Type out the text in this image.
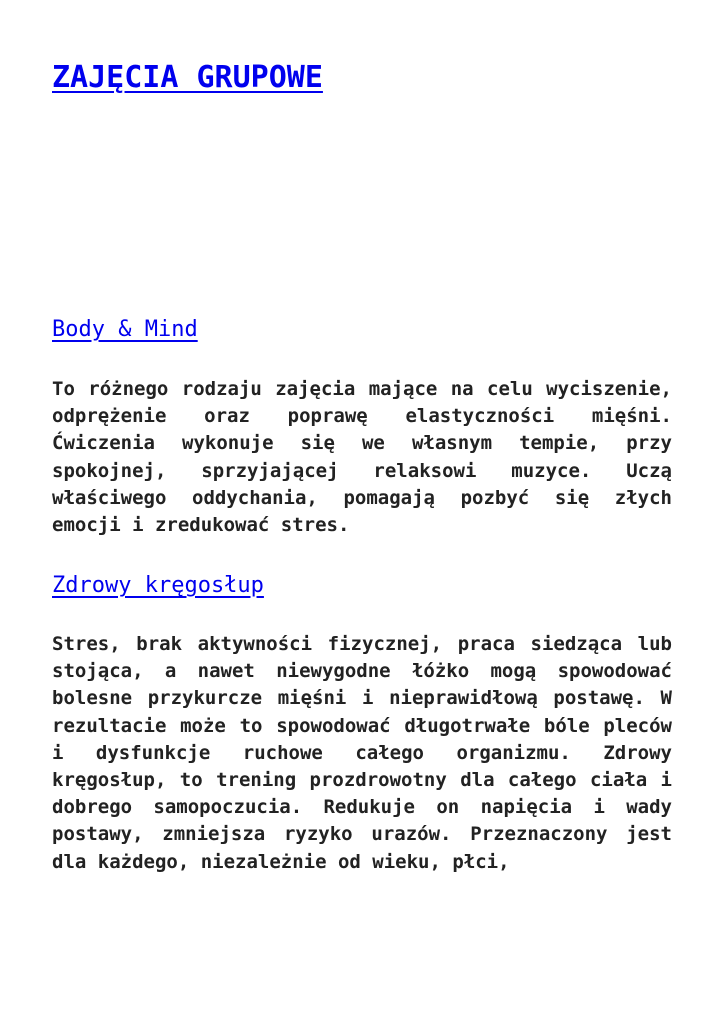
ZAJĘCIA GRUPOWE
Body & Mind

To różnego rodzaju zajęcia mające na celu wyciszenie, odprężenie oraz poprawę elastyczności mięśni. Ćwiczenia wykonuje się we własnym tempie, przy spokojnej, sprzyjającej relaksowi muzyce. Uczą właściwego oddychania, pomagają pozbyć się złych emocji i zredukować stres.

Zdrowy kręgosłup

Stres, brak aktywności fizycznej, praca siedząca lub stojąca, a nawet niewygodne łóżko mogą spowodować bolesne przykurcze mięśni i nieprawidłową postawę. W rezultacie może to spowodować długotrwałe bóle pleców i dysfunkcje ruchowe całego organizmu. Zdrowy kręgosłup, to trening prozdrowotny dla całego ciała i dobrego samopoczucia. Redukuje on napięcia i wady postawy, zmniejsza ryzyko urazów. Przeznaczony jest dla każdego, niezależnie od wieku, płci,
